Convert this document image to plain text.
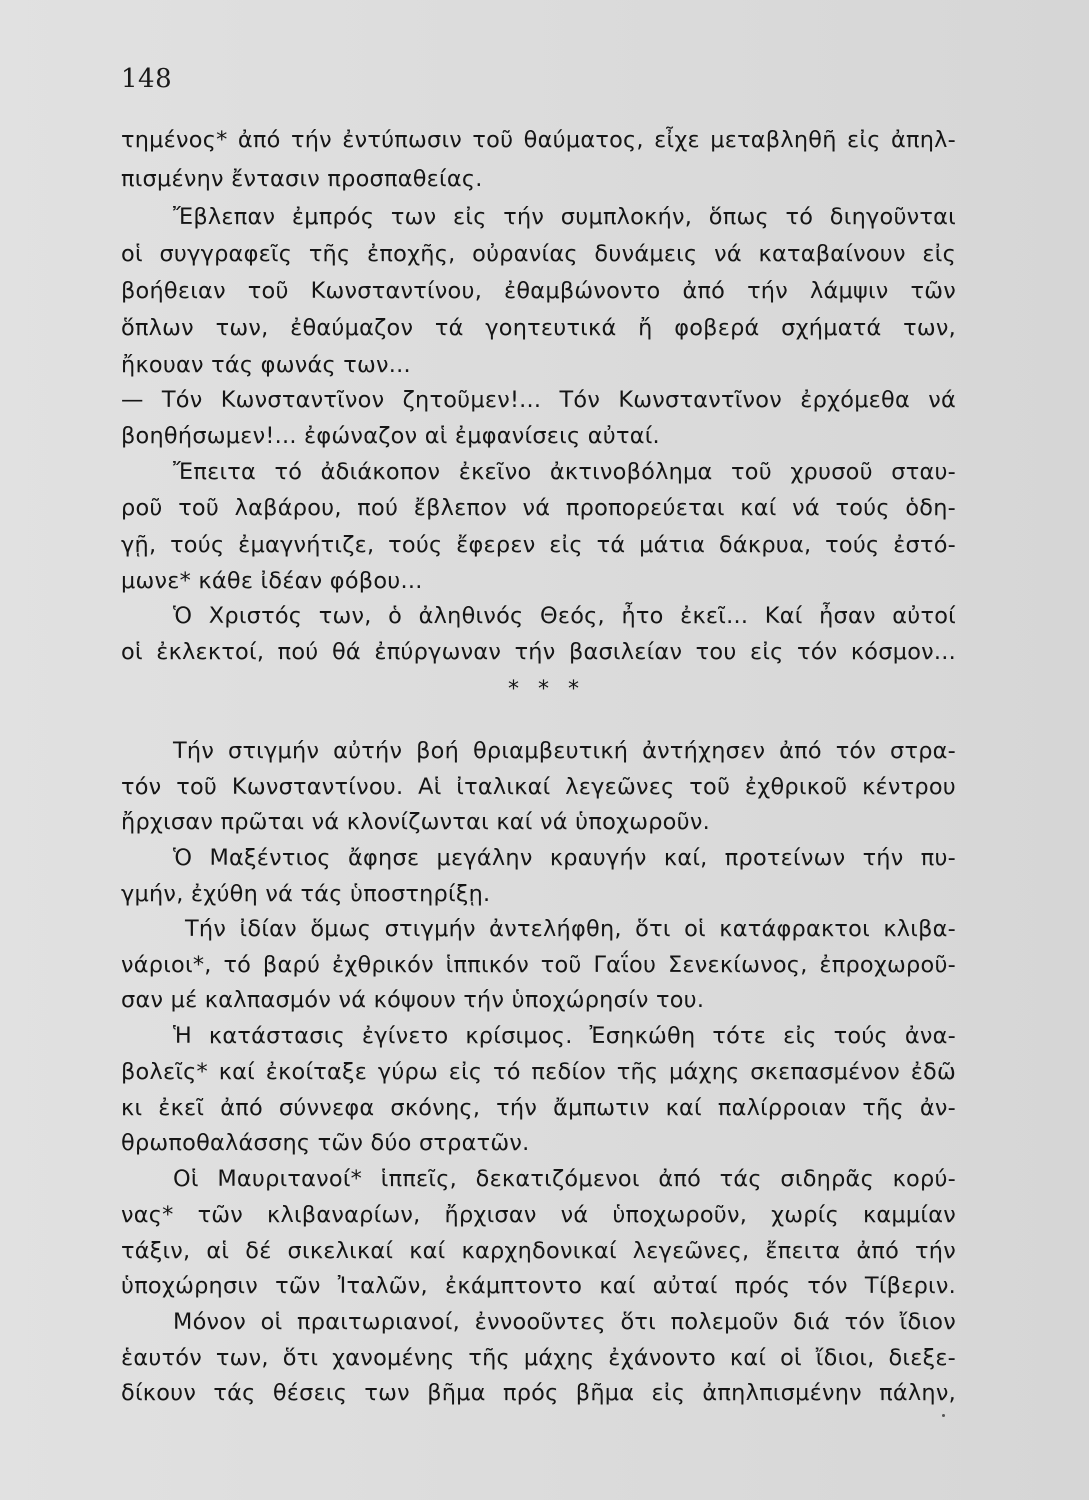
148
τημένος* ἀπό τήν ἐντύπωσιν τοῦ θαύματος, εἶχε μεταβληθῆ εἰς ἀπηλ-
πισμένην ἔντασιν προσπαθείας.
Ἔβλεπαν ἐμπρός των εἰς τήν συμπλοκήν, ὅπως τό διηγοῦνται
οἱ συγγραφεῖς τῆς ἐποχῆς, οὐρανίας δυνάμεις νά καταβαίνουν εἰς
βοήθειαν τοῦ Κωνσταντίνου, ἐθαμβώνοντο ἀπό τήν λάμψιν τῶν
ὅπλων των, ἐθαύμαζον τά γοητευτικά ἤ φοβερά σχήματά των,
ἤκουαν τάς φωνάς των...
— Τόν Κωνσταντῖνον ζητοῦμεν!... Τόν Κωνσταντῖνον ἐρχόμεθα νά
βοηθήσωμεν!... ἐφώναζον αἱ ἐμφανίσεις αὐταί.
Ἔπειτα τό ἀδιάκοπον ἐκεῖνο ἀκτινοβόλημα τοῦ χρυσοῦ σταυ-
ροῦ τοῦ λαβάρου, πού ἔβλεπον νά προπορεύεται καί νά τούς ὁδη-
γῇ, τούς ἐμαγνήτιζε, τούς ἔφερεν εἰς τά μάτια δάκρυα, τούς ἐστό-
μωνε* κάθε ἰδέαν φόβου...
Ὁ Χριστός των, ὁ ἀληθινός Θεός, ἦτο ἐκεῖ... Καί ἦσαν αὐτοί
οἱ ἐκλεκτοί, πού θά ἐπύργωναν τήν βασιλείαν του εἰς τόν κόσμον...
* * *
Τήν στιγμήν αὐτήν βοή θριαμβευτική ἀντήχησεν ἀπό τόν στρα-
τόν τοῦ Κωνσταντίνου. Αἱ ἰταλικαί λεγεῶνες τοῦ ἐχθρικοῦ κέντρου
ἤρχισαν πρῶται νά κλονίζωνται καί νά ὑποχωροῦν.
Ὁ Μαξέντιος ἄφησε μεγάλην κραυγήν καί, προτείνων τήν πυ-
γμήν, ἐχύθη νά τάς ὑποστηρίξῃ.
Τήν ἰδίαν ὅμως στιγμήν ἀντελήφθη, ὅτι οἱ κατάφρακτοι κλιβα-
νάριοι*, τό βαρύ ἐχθρικόν ἱππικόν τοῦ Γαΐου Σενεκίωνος, ἐπροχωροῦ-
σαν μέ καλπασμόν νά κόψουν τήν ὑποχώρησίν του.
Ἡ κατάστασις ἐγίνετο κρίσιμος. Ἐσηκώθη τότε εἰς τούς ἀνα-
βολεῖς* καί ἐκοίταξε γύρω εἰς τό πεδίον τῆς μάχης σκεπασμένον ἐδῶ
κι ἐκεῖ ἀπό σύννεφα σκόνης, τήν ἄμπωτιν καί παλίρροιαν τῆς ἀν-
θρωποθαλάσσης τῶν δύο στρατῶν.
Οἱ Μαυριτανοί* ἱππεῖς, δεκατιζόμενοι ἀπό τάς σιδηρᾶς κορύ-
νας* τῶν κλιβαναρίων, ἤρχισαν νά ὑποχωροῦν, χωρίς καμμίαν
τάξιν, αἱ δέ σικελικαί καί καρχηδονικαί λεγεῶνες, ἔπειτα ἀπό τήν
ὑποχώρησιν τῶν Ἰταλῶν, ἐκάμπτοντο καί αὐταί πρός τόν Τίβεριν.
Μόνον οἱ πραιτωριανοί, ἐννοοῦντες ὅτι πολεμοῦν διά τόν ἴδιον
ἑαυτόν των, ὅτι χανομένης τῆς μάχης ἐχάνοντο καί οἱ ἴδιοι, διεξε-
δίκουν τάς θέσεις των βῆμα πρός βῆμα εἰς ἀπηλπισμένην πάλην,
